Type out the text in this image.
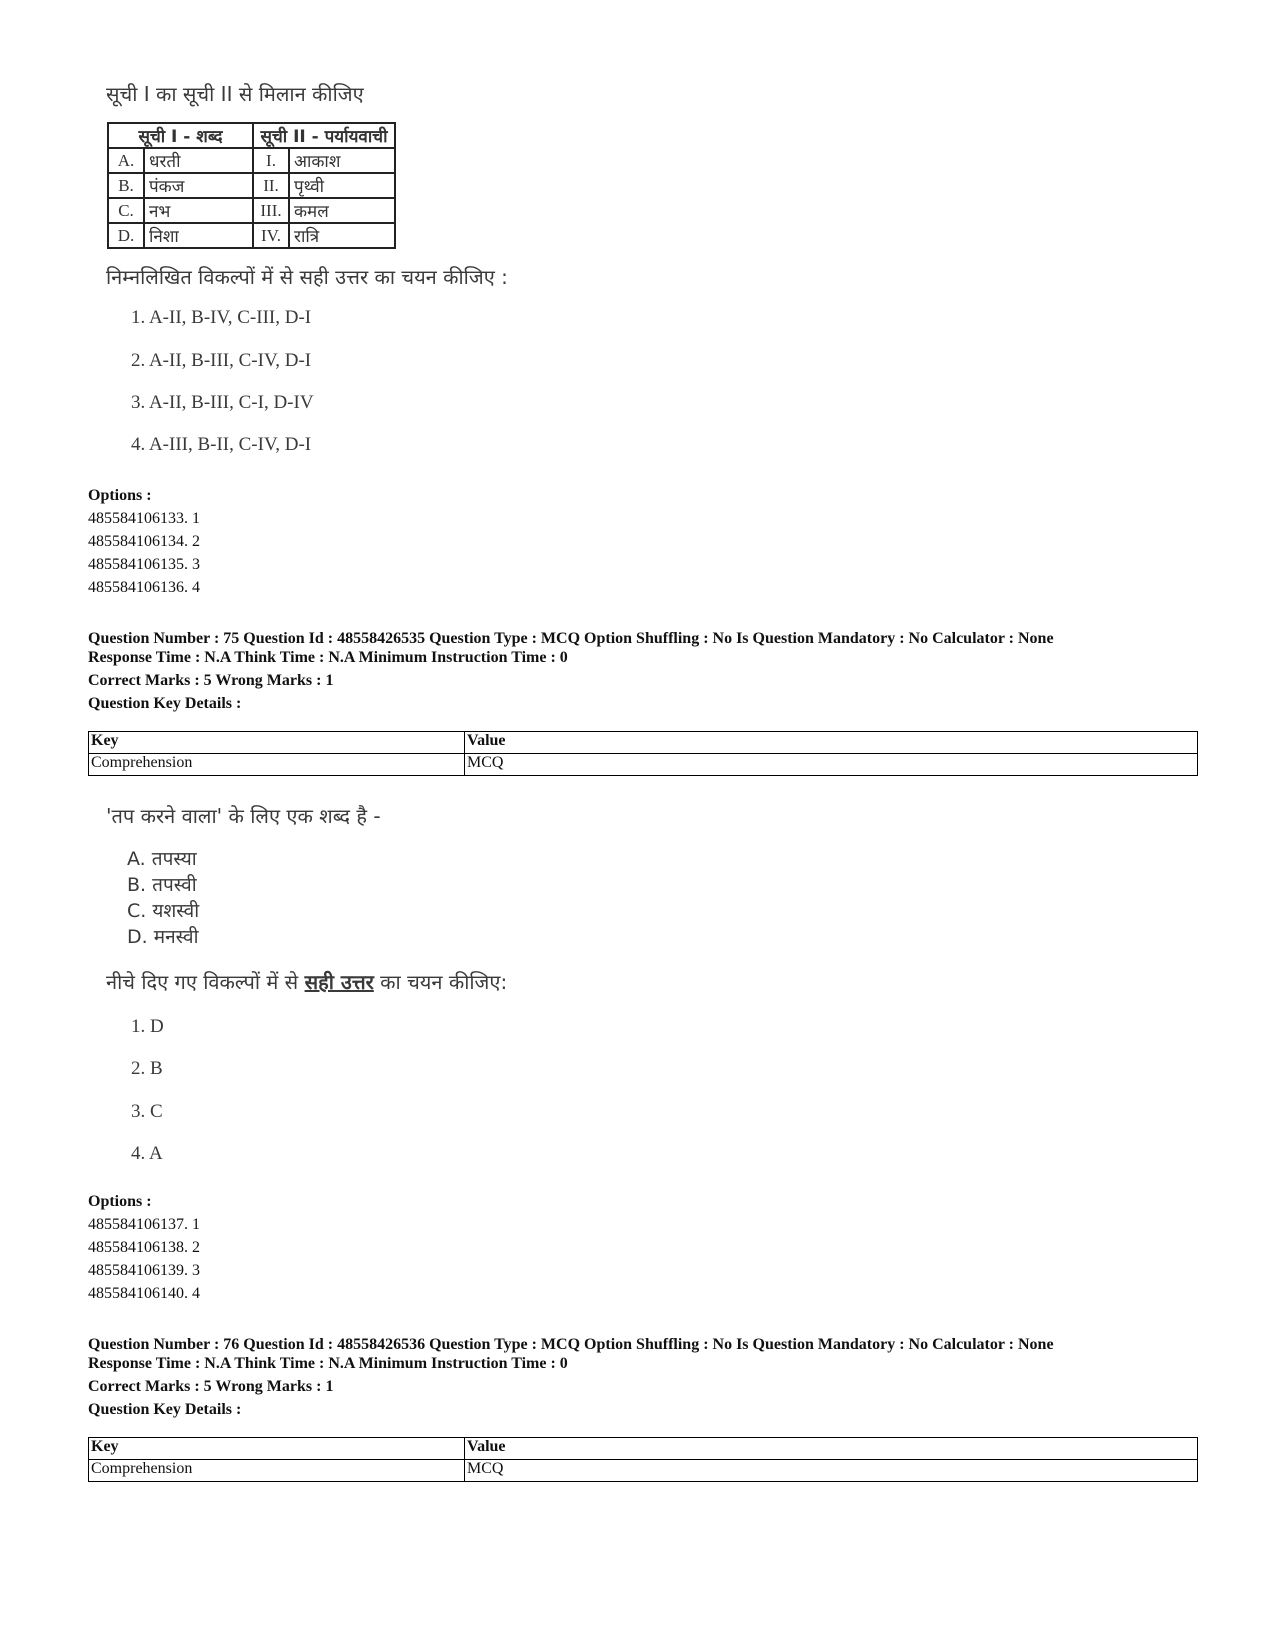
सूची I का सूची II से मिलान कीजिए
सूची I - शब्द		सूची II - पर्यायवाची	
A.	धरती	I.	आकाश
B.	पंकज	II.	पृथ्वी
C.	नभ	III.	कमल
D.	निशा	IV.	रात्रि
निम्नलिखित विकल्पों में से सही उत्तर का चयन कीजिए :
1. A-II, B-IV, C-III, D-I
2. A-II, B-III, C-IV, D-I
3. A-II, B-III, C-I, D-IV
4. A-III, B-II, C-IV, D-I
Options :
485584106133. 1
485584106134. 2
485584106135. 3
485584106136. 4
Question Number : 75 Question Id : 48558426535 Question Type : MCQ Option Shuffling : No Is Question Mandatory : No Calculator : None
Response Time : N.A Think Time : N.A Minimum Instruction Time : 0
Correct Marks : 5 Wrong Marks : 1
Question Key Details :
Key	Value
Comprehension	MCQ
'तप करने वाला' के लिए एक शब्द है -
A. तपस्या
B. तपस्वी
C. यशस्वी
D. मनस्वी
नीचे दिए गए विकल्पों में से सही उत्तर का चयन कीजिए:
1. D
2. B
3. C
4. A
Options :
485584106137. 1
485584106138. 2
485584106139. 3
485584106140. 4
Question Number : 76 Question Id : 48558426536 Question Type : MCQ Option Shuffling : No Is Question Mandatory : No Calculator : None
Response Time : N.A Think Time : N.A Minimum Instruction Time : 0
Correct Marks : 5 Wrong Marks : 1
Question Key Details :
Key	Value
Comprehension	MCQ
